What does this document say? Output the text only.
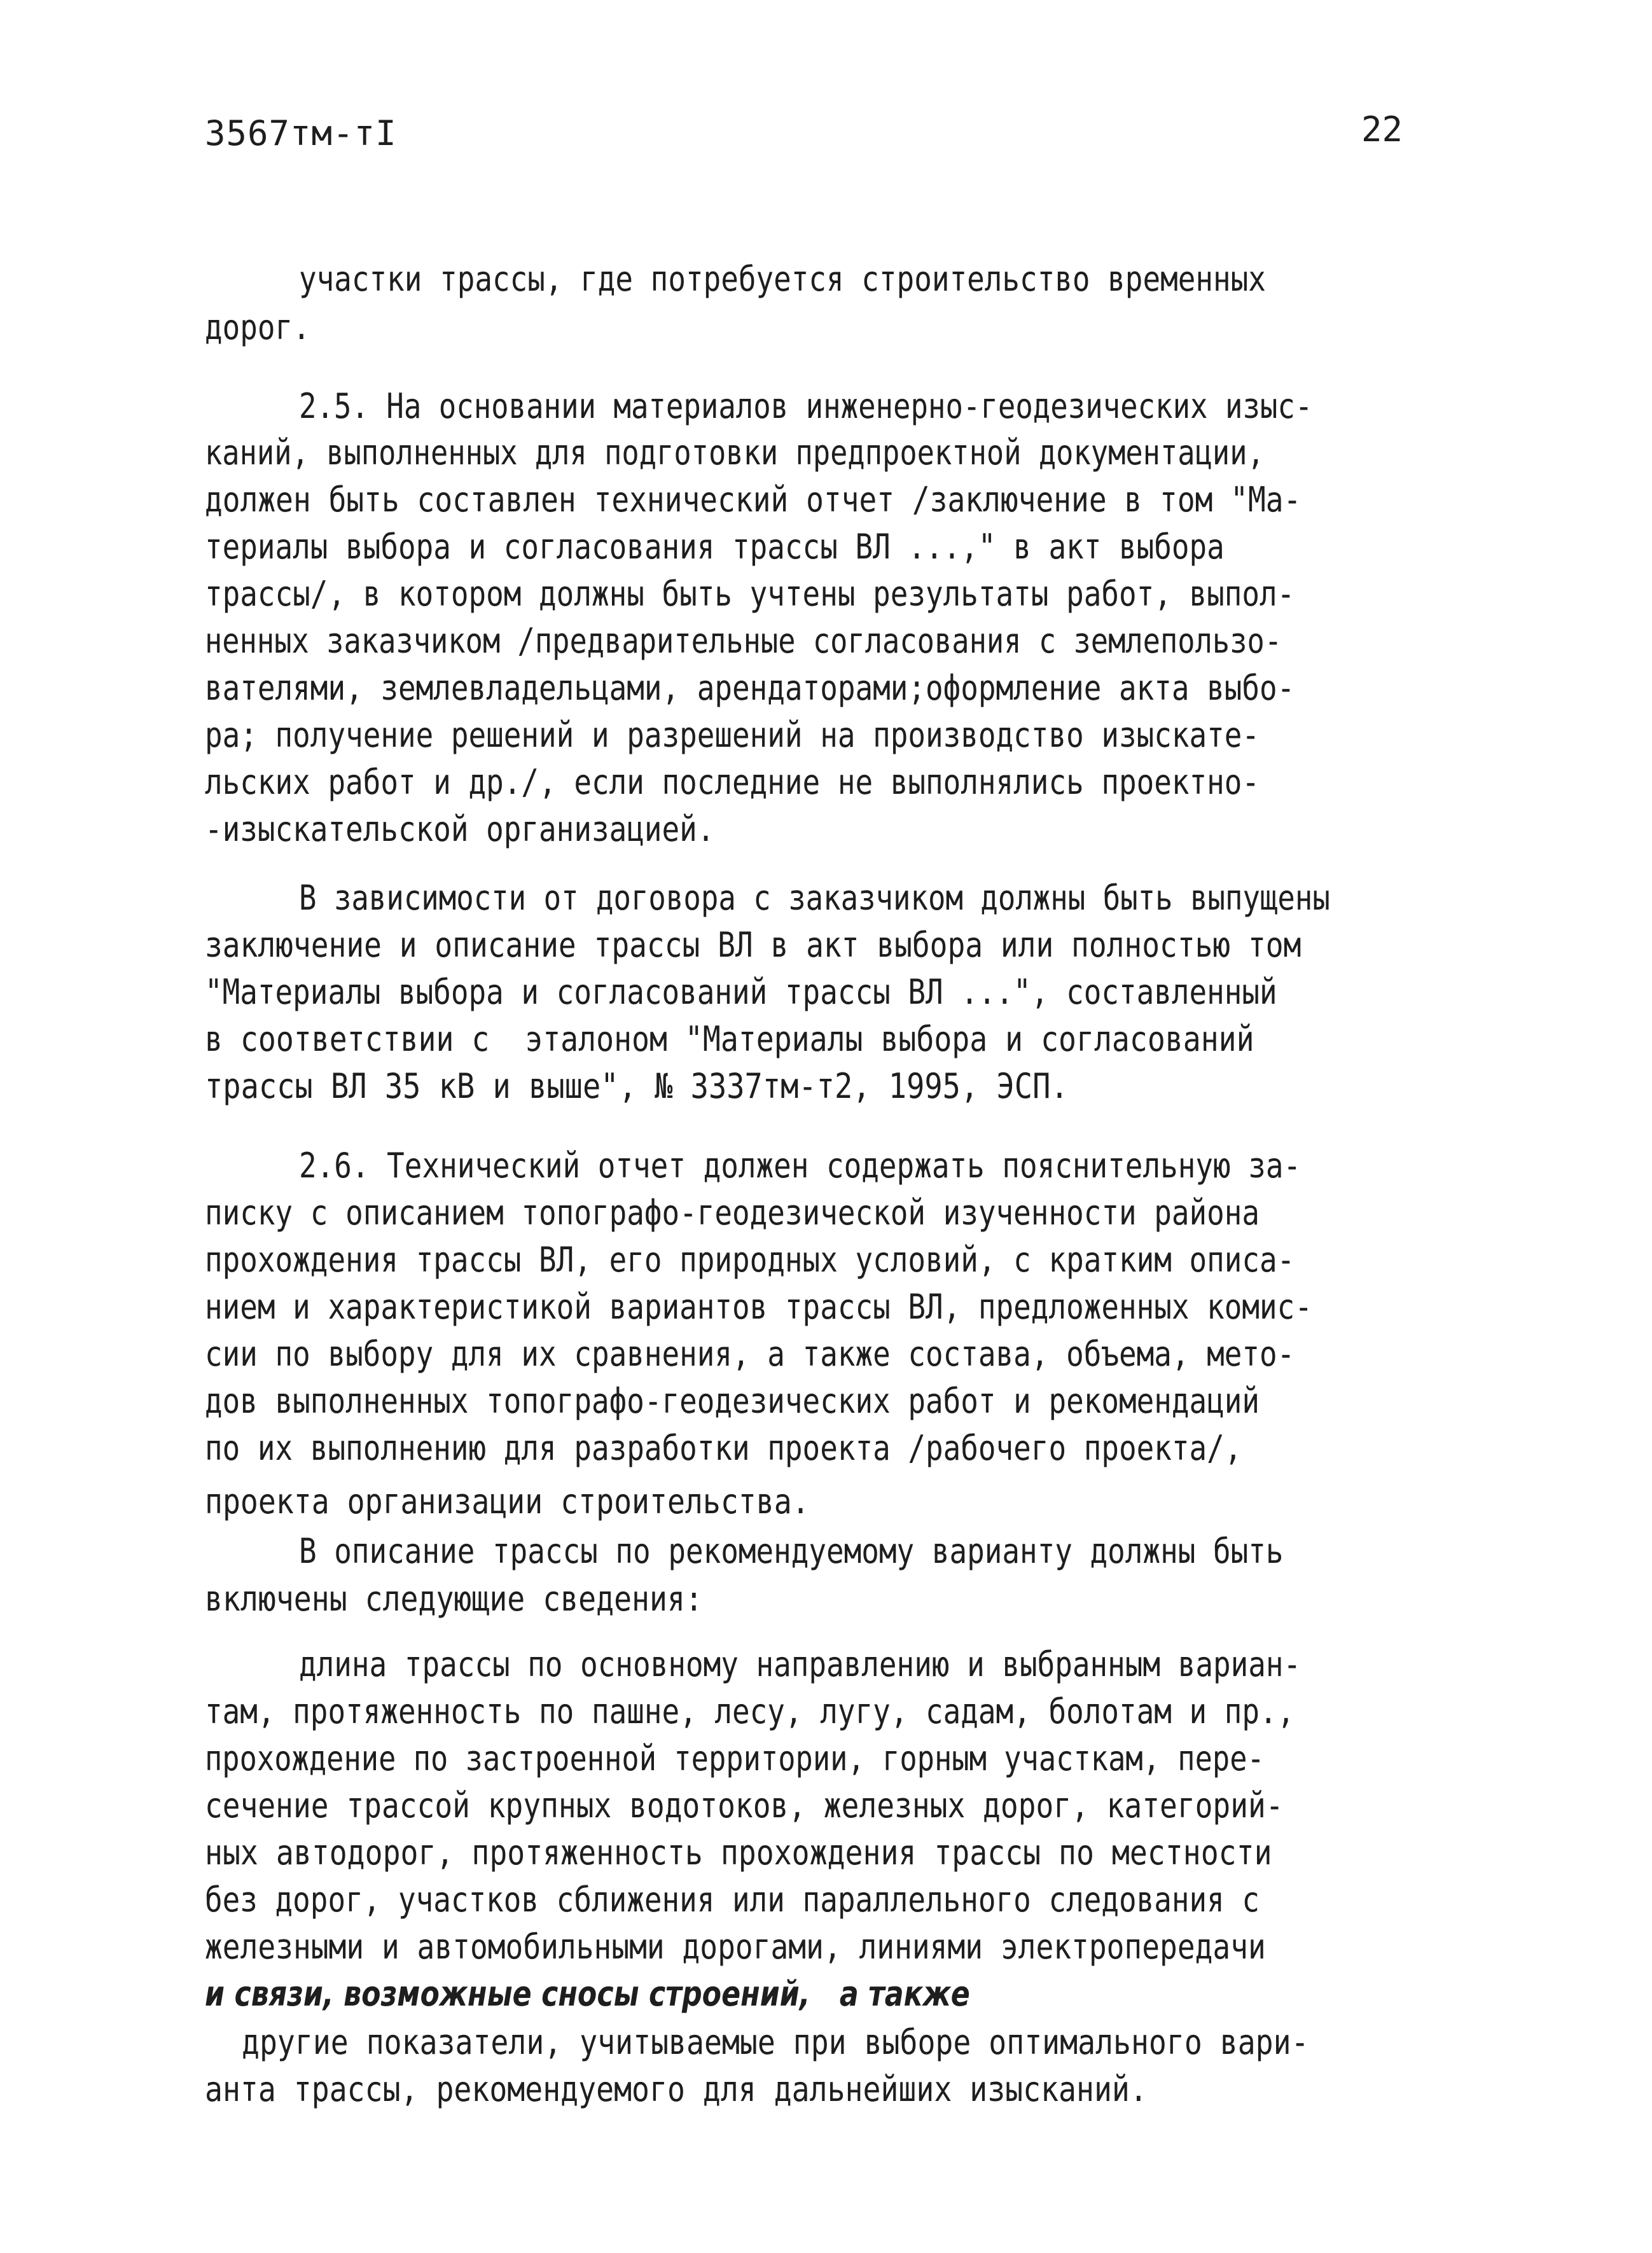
3567тм-тI	22
участки трассы, где потребуется строительство временных
дорог.
2.5. На основании материалов инженерно-геодезических изыс-
каний, выполненных для подготовки предпроектной документации,
должен быть составлен технический отчет /заключение в том "Ма-
териалы выбора и согласования трассы ВЛ ...," в акт выбора
трассы/, в котором должны быть учтены результаты работ, выпол-
ненных заказчиком /предварительные согласования с землепользо-
вателями, землевладельцами, арендаторами;оформление акта выбо-
ра; получение решений и разрешений на производство изыскате-
льских работ и др./, если последние не выполнялись проектно-
-изыскательской организацией.
В зависимости от договора с заказчиком должны быть выпущены
заключение и описание трассы ВЛ в акт выбора или полностью том
"Материалы выбора и согласований трассы ВЛ ...", составленный
в соответствии с  эталоном "Материалы выбора и согласований
трассы ВЛ 35 кВ и выше", № 3337тм-т2, 1995, ЭСП.
2.6. Технический отчет должен содержать пояснительную за-
писку с описанием топографо-геодезической изученности района
прохождения трассы ВЛ, его природных условий, с кратким описа-
нием и характеристикой вариантов трассы ВЛ, предложенных комис-
сии по выбору для их сравнения, а также состава, объема, мето-
дов выполненных топографо-геодезических работ и рекомендаций
по их выполнению для разработки проекта /рабочего проекта/,
проекта организации строительства.
В описание трассы по рекомендуемому варианту должны быть
включены следующие сведения:
длина трассы по основному направлению и выбранным вариан-
там, протяженность по пашне, лесу, лугу, садам, болотам и пр.,
прохождение по застроенной территории, горным участкам, пере-
сечение трассой крупных водотоков, железных дорог, категорий-
ных автодорог, протяженность прохождения трассы по местности
без дорог, участков сближения или параллельного следования с
железными и автомобильными дорогами, линиями электропередачи
и связи, возможные сносы строений,   а также
другие показатели, учитываемые при выборе оптимального вари-
анта трассы, рекомендуемого для дальнейших изысканий.
